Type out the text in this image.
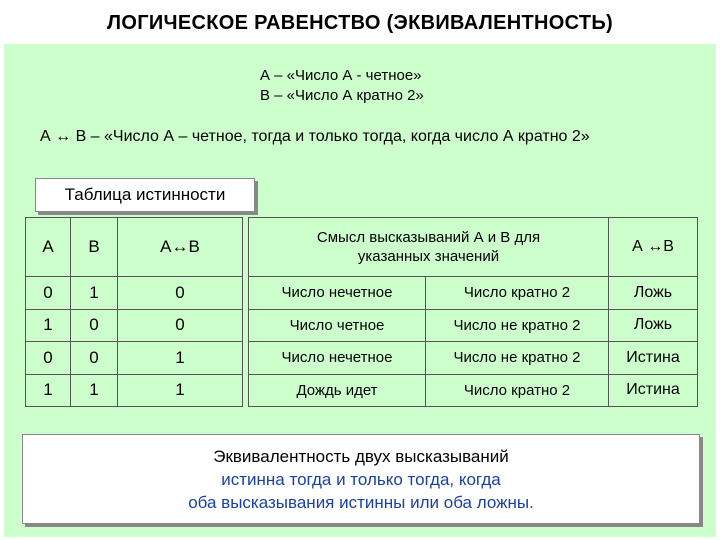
ЛОГИЧЕСКОЕ РАВЕНСТВО (ЭКВИВАЛЕНТНОСТЬ)
А – «Число А - четное»
В – «Число А кратно 2»
А ↔ В – «Число А – четное, тогда и только тогда, когда число А кратно 2»
Таблица истинности
А	В	А↔В
0	1	0
1	0	0
0	0	1
1	1	1
Смысл высказываний А и В для указанных значений		А ↔В
Число нечетное	Число кратно 2	Ложь
Число четное	Число не кратно 2	Ложь
Число нечетное	Число не кратно 2	Истина
Дождь идет	Число кратно 2	Истина
Эквивалентность двух высказываний
истинна тогда и только тогда, когда
оба высказывания истинны или оба ложны.
